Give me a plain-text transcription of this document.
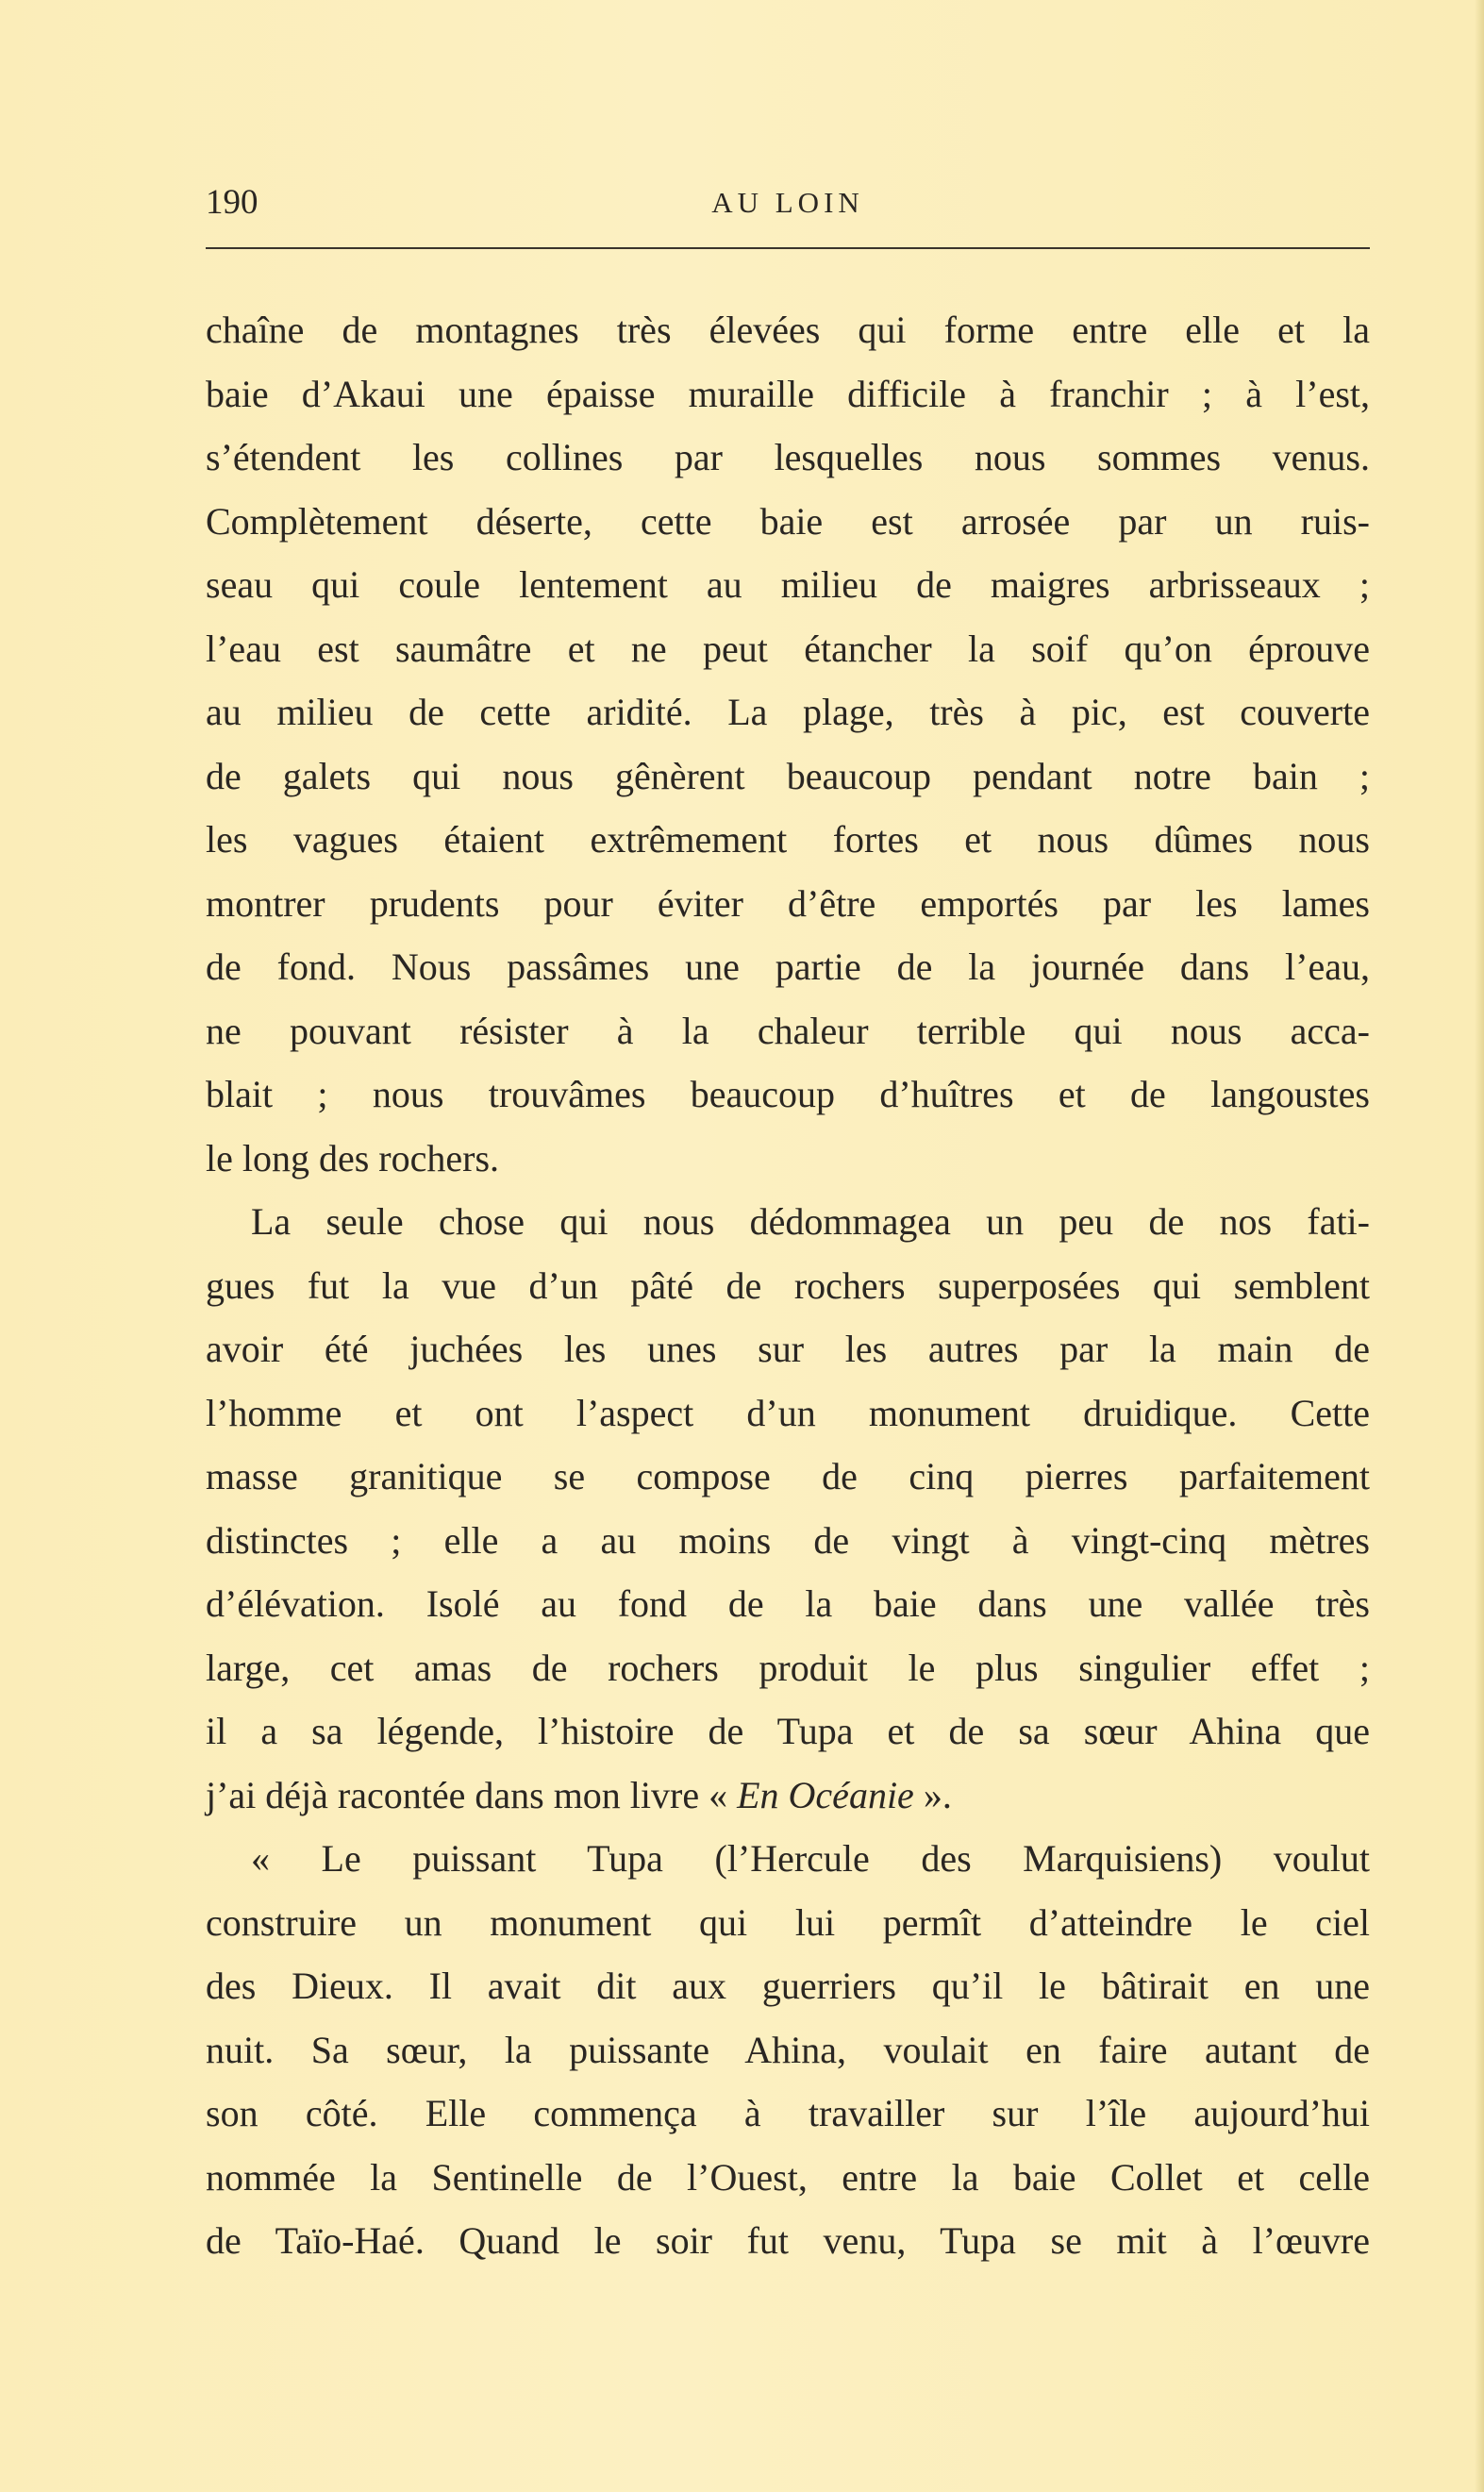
190	AU LOIN
chaîne de montagnes très élevées qui forme entre elle et la
baie d’Akaui une épaisse muraille difficile à franchir ; à l’est,
s’étendent les collines par lesquelles nous sommes venus.
Complètement déserte, cette baie est arrosée par un ruis-
seau qui coule lentement au milieu de maigres arbrisseaux ;
l’eau est saumâtre et ne peut étancher la soif qu’on éprouve
au milieu de cette aridité. La plage, très à pic, est couverte
de galets qui nous gênèrent beaucoup pendant notre bain ;
les vagues étaient extrêmement fortes et nous dûmes nous
montrer prudents pour éviter d’être emportés par les lames
de fond. Nous passâmes une partie de la journée dans l’eau,
ne pouvant résister à la chaleur terrible qui nous acca-
blait ; nous trouvâmes beaucoup d’huîtres et de langoustes
le long des rochers.
La seule chose qui nous dédommagea un peu de nos fati-
gues fut la vue d’un pâté de rochers superposées qui semblent
avoir été juchées les unes sur les autres par la main de
l’homme et ont l’aspect d’un monument druidique. Cette
masse granitique se compose de cinq pierres parfaitement
distinctes ; elle a au moins de vingt à vingt-cinq mètres
d’élévation. Isolé au fond de la baie dans une vallée très
large, cet amas de rochers produit le plus singulier effet ;
il a sa légende, l’histoire de Tupa et de sa sœur Ahina que
j’ai déjà racontée dans mon livre « En Océanie ».
« Le puissant Tupa (l’Hercule des Marquisiens) voulut
construire un monument qui lui permît d’atteindre le ciel
des Dieux. Il avait dit aux guerriers qu’il le bâtirait en une
nuit. Sa sœur, la puissante Ahina, voulait en faire autant de
son côté. Elle commença à travailler sur l’île aujourd’hui
nommée la Sentinelle de l’Ouest, entre la baie Collet et celle
de Taïo-Haé. Quand le soir fut venu, Tupa se mit à l’œuvre
